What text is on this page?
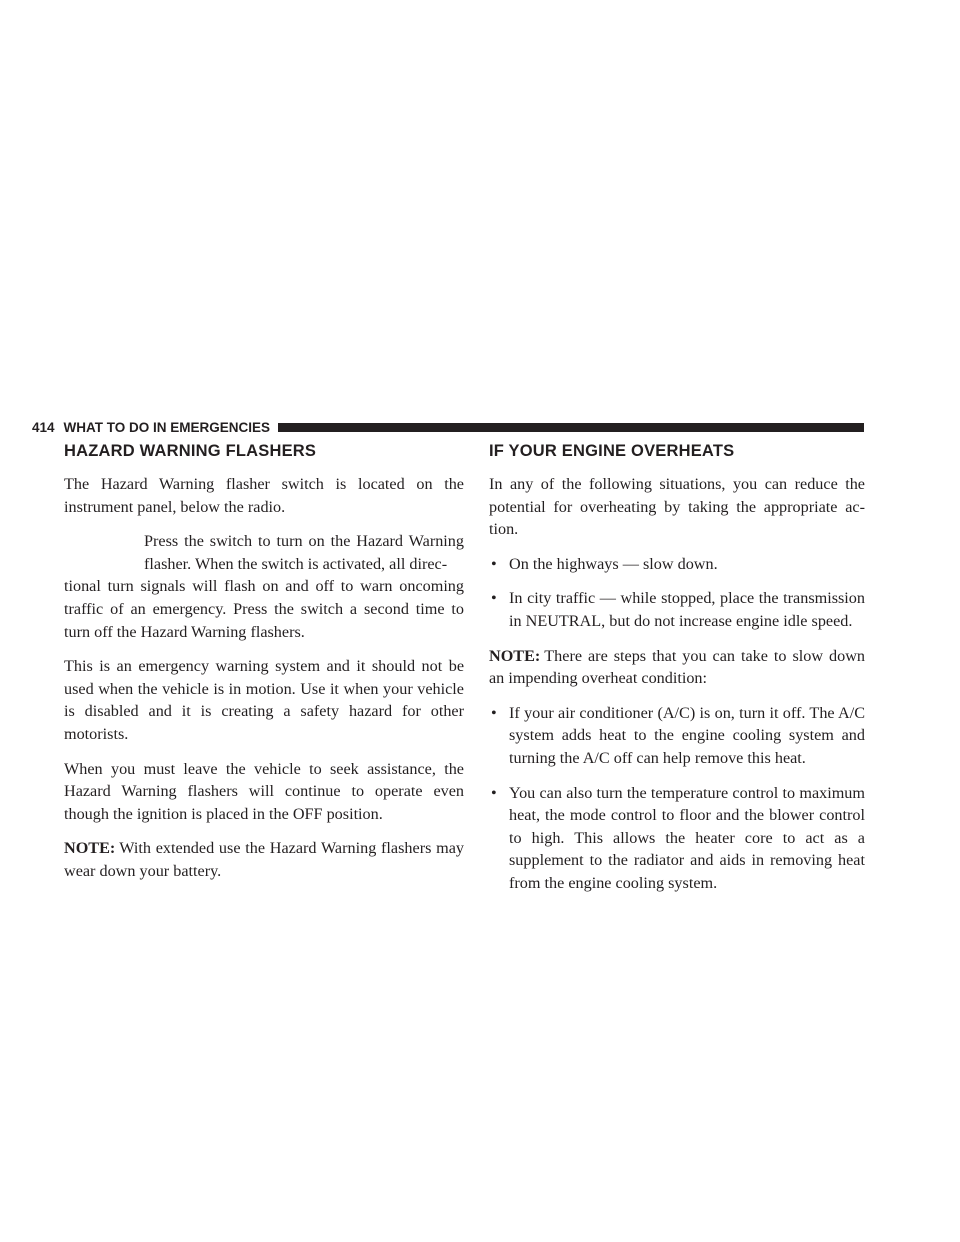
414 WHAT TO DO IN EMERGENCIES
HAZARD WARNING FLASHERS

The Hazard Warning flasher switch is located on the instrument panel, below the radio.

Press the switch to turn on the Hazard Warning flasher. When the switch is activated, all direc-

tional turn signals will flash on and off to warn oncoming traffic of an emergency. Press the switch a second time to turn off the Hazard Warning flashers.

This is an emergency warning system and it should not be used when the vehicle is in motion. Use it when your vehicle is disabled and it is creating a safety hazard for other motorists.

When you must leave the vehicle to seek assistance, the Hazard Warning flashers will continue to operate even though the ignition is placed in the OFF position.

NOTE: With extended use the Hazard Warning flashers may wear down your battery.

IF YOUR ENGINE OVERHEATS

In any of the following situations, you can reduce the potential for overheating by taking the appropriate ac- tion.

• On the highways — slow down.
• In city traffic — while stopped, place the transmission in NEUTRAL, but do not increase engine idle speed.

NOTE: There are steps that you can take to slow down an impending overheat condition:

• If your air conditioner (A/C) is on, turn it off. The A/C system adds heat to the engine cooling system and turning the A/C off can help remove this heat.
• You can also turn the temperature control to maximum heat, the mode control to floor and the blower control to high. This allows the heater core to act as a supplement to the radiator and aids in removing heat from the engine cooling system.
